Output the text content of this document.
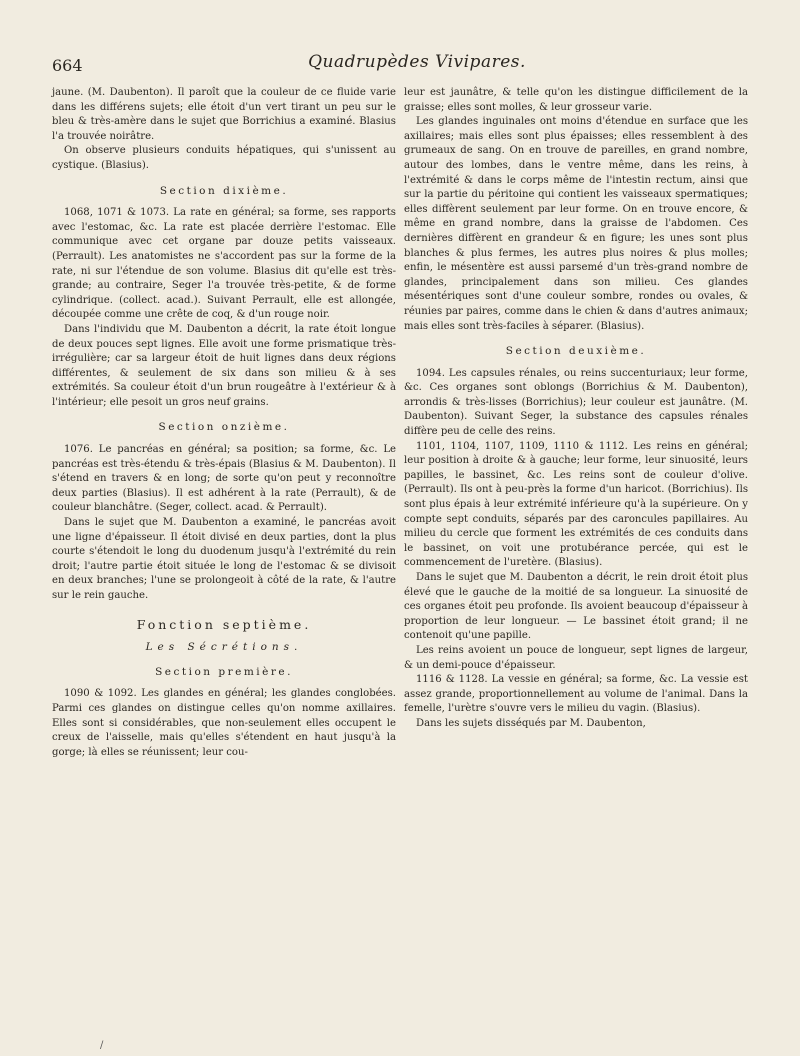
664	Quadrupèdes Vivipares.

jaune. (M. Daubenton). Il paroît que la couleur de ce fluide varie dans les différens sujets; elle étoit d'un vert tirant un peu sur le bleu & très-amère dans le sujet que Borrichius a examiné. Blasius l'a trouvée noirâtre.

On observe plusieurs conduits hépatiques, qui s'unissent au cystique. (Blasius).

Section dixième.

1068, 1071 & 1073. La rate en général; sa forme, ses rapports avec l'estomac, &c. La rate est placée derrière l'estomac. Elle communique avec cet organe par douze petits vaisseaux. (Perrault). Les anatomistes ne s'accordent pas sur la forme de la rate, ni sur l'étendue de son volume. Blasius dit qu'elle est très-grande; au contraire, Seger l'a trouvée très-petite, & de forme cylindrique. (collect. acad.). Suivant Perrault, elle est allongée, découpée comme une crête de coq, & d'un rouge noir.

Dans l'individu que M. Daubenton a décrit, la rate étoit longue de deux pouces sept lignes. Elle avoit une forme prismatique très-irrégulière; car sa largeur étoit de huit lignes dans deux régions différentes, & seulement de six dans son milieu & à ses extrémités. Sa couleur étoit d'un brun rougeâtre à l'extérieur & à l'intérieur; elle pesoit un gros neuf grains.

Section onzième.

1076. Le pancréas en général; sa position; sa forme, &c. Le pancréas est très-étendu & très-épais (Blasius & M. Daubenton). Il s'étend en travers & en long; de sorte qu'on peut y reconnoître deux parties (Blasius). Il est adhérent à la rate (Perrault), & de couleur blanchâtre. (Seger, collect. acad. & Perrault).

Dans le sujet que M. Daubenton a examiné, le pancréas avoit une ligne d'épaisseur. Il étoit divisé en deux parties, dont la plus courte s'étendoit le long du duodenum jusqu'à l'extrémité du rein droit; l'autre partie étoit située le long de l'estomac & se divisoit en deux branches; l'une se prolongeoit à côté de la rate, & l'autre sur le rein gauche.

Fonction septième.
Les Sécrétions.
Section première.

1090 & 1092. Les glandes en général; les glandes conglobées. Parmi ces glandes on distingue celles qu'on nomme axillaires. Elles sont si considérables, que non-seulement elles occupent le creux de l'aisselle, mais qu'elles s'étendent en haut jusqu'à la gorge; là elles se réunissent; leur cou-

leur est jaunâtre, & telle qu'on les distingue difficilement de la graisse; elles sont molles, & leur grosseur varie.

Les glandes inguinales ont moins d'étendue en surface que les axillaires; mais elles sont plus épaisses; elles ressemblent à des grumeaux de sang. On en trouve de pareilles, en grand nombre, autour des lombes, dans le ventre même, dans les reins, à l'extrémité & dans le corps même de l'intestin rectum, ainsi que sur la partie du péritoine qui contient les vaisseaux spermatiques; elles diffèrent seulement par leur forme. On en trouve encore, & même en grand nombre, dans la graisse de l'abdomen. Ces dernières diffèrent en grandeur & en figure; les unes sont plus blanches & plus fermes, les autres plus noires & plus molles; enfin, le mésentère est aussi parsemé d'un très-grand nombre de glandes, principalement dans son milieu. Ces glandes mésentériques sont d'une couleur sombre, rondes ou ovales, & réunies par paires, comme dans le chien & dans d'autres animaux; mais elles sont très-faciles à séparer. (Blasius).

Section deuxième.

1094. Les capsules rénales, ou reins succenturiaux; leur forme, &c. Ces organes sont oblongs (Borrichius & M. Daubenton), arrondis & très-lisses (Borrichius); leur couleur est jaunâtre. (M. Daubenton). Suivant Seger, la substance des capsules rénales diffère peu de celle des reins.

1101, 1104, 1107, 1109, 1110 & 1112. Les reins en général; leur position à droite & à gauche; leur forme, leur sinuosité, leurs papilles, le bassinet, &c. Les reins sont de couleur d'olive. (Perrault). Ils ont à peu-près la forme d'un haricot. (Borrichius). Ils sont plus épais à leur extrémité inférieure qu'à la supérieure. On y compte sept conduits, séparés par des caroncules papillaires. Au milieu du cercle que forment les extrémités de ces conduits dans le bassinet, on voit une protubérance percée, qui est le commencement de l'uretère. (Blasius).

Dans le sujet que M. Daubenton a décrit, le rein droit étoit plus élevé que le gauche de la moitié de sa longueur. La sinuosité de ces organes étoit peu profonde. Ils avoient beaucoup d'épaisseur à proportion de leur longueur. — Le bassinet étoit grand; il ne contenoit qu'une papille.

Les reins avoient un pouce de longueur, sept lignes de largeur, & un demi-pouce d'épaisseur.

1116 & 1128. La vessie en général; sa forme, &c. La vessie est assez grande, proportionnellement au volume de l'animal. Dans la femelle, l'urètre s'ouvre vers le milieu du vagin. (Blasius).

Dans les sujets disséqués par M. Daubenton,

/
